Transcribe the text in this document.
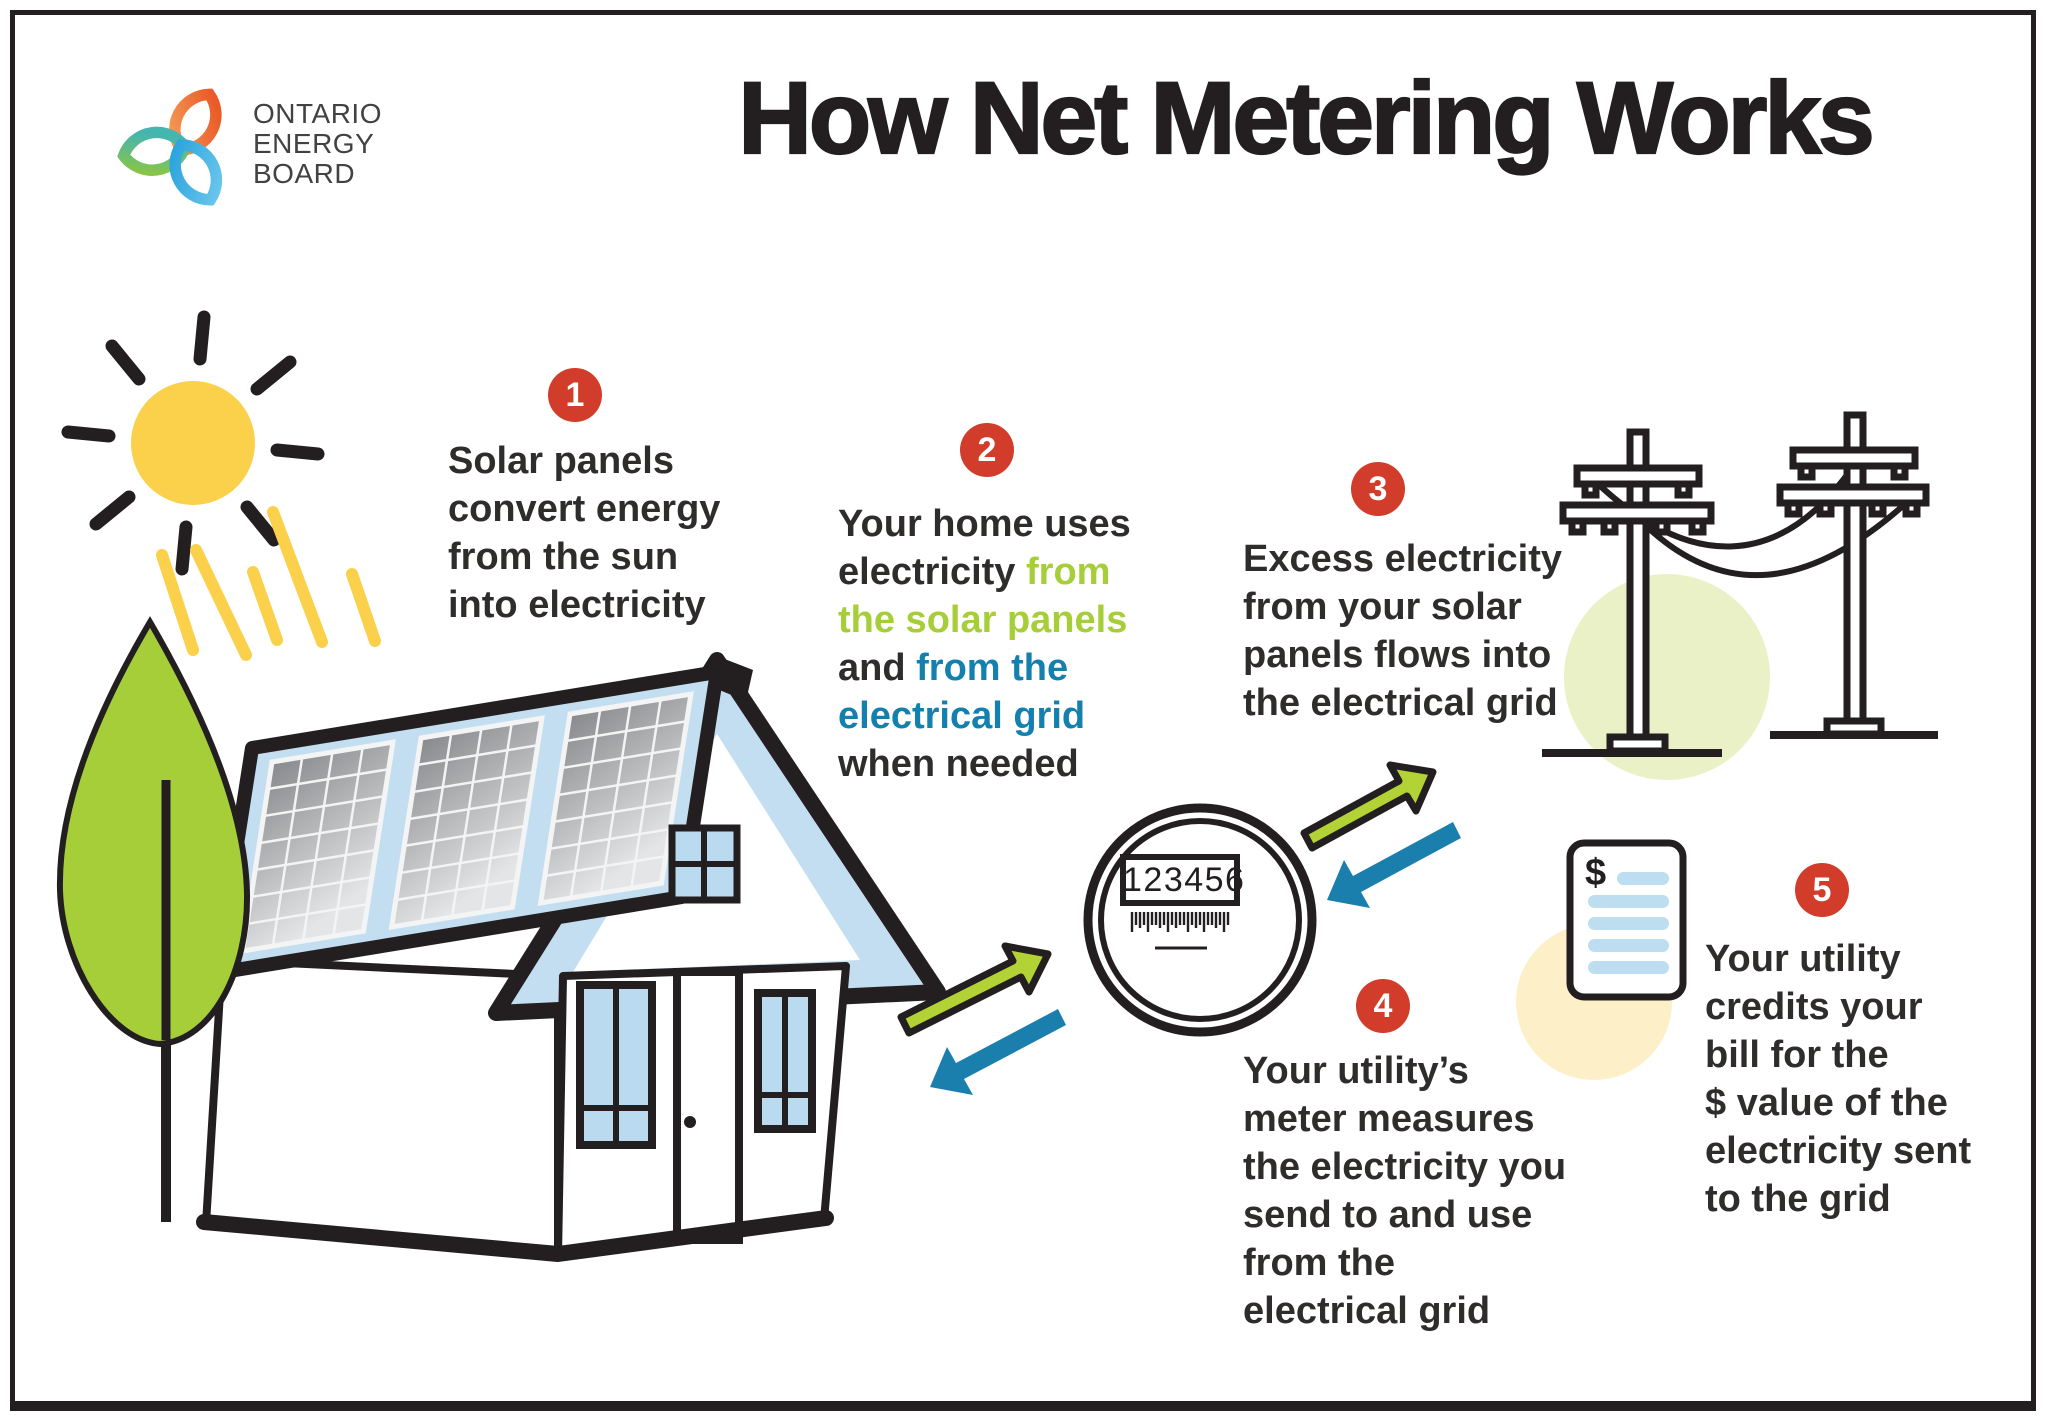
ONTARIO
ENERGY
BOARD	How Net Metering Works
1
Solar panels
convert energy
from the sun
into electricity
2
Your home uses
electricity from
the solar panels
and from the
electrical grid
when needed
3
Excess electricity
from your solar
panels flows into
the electrical grid
4
Your utility’s
meter measures
the electricity you
send to and use
from the
electrical grid
5
Your utility
credits your
bill for the
$ value of the
electricity sent
to the grid
123456	$
